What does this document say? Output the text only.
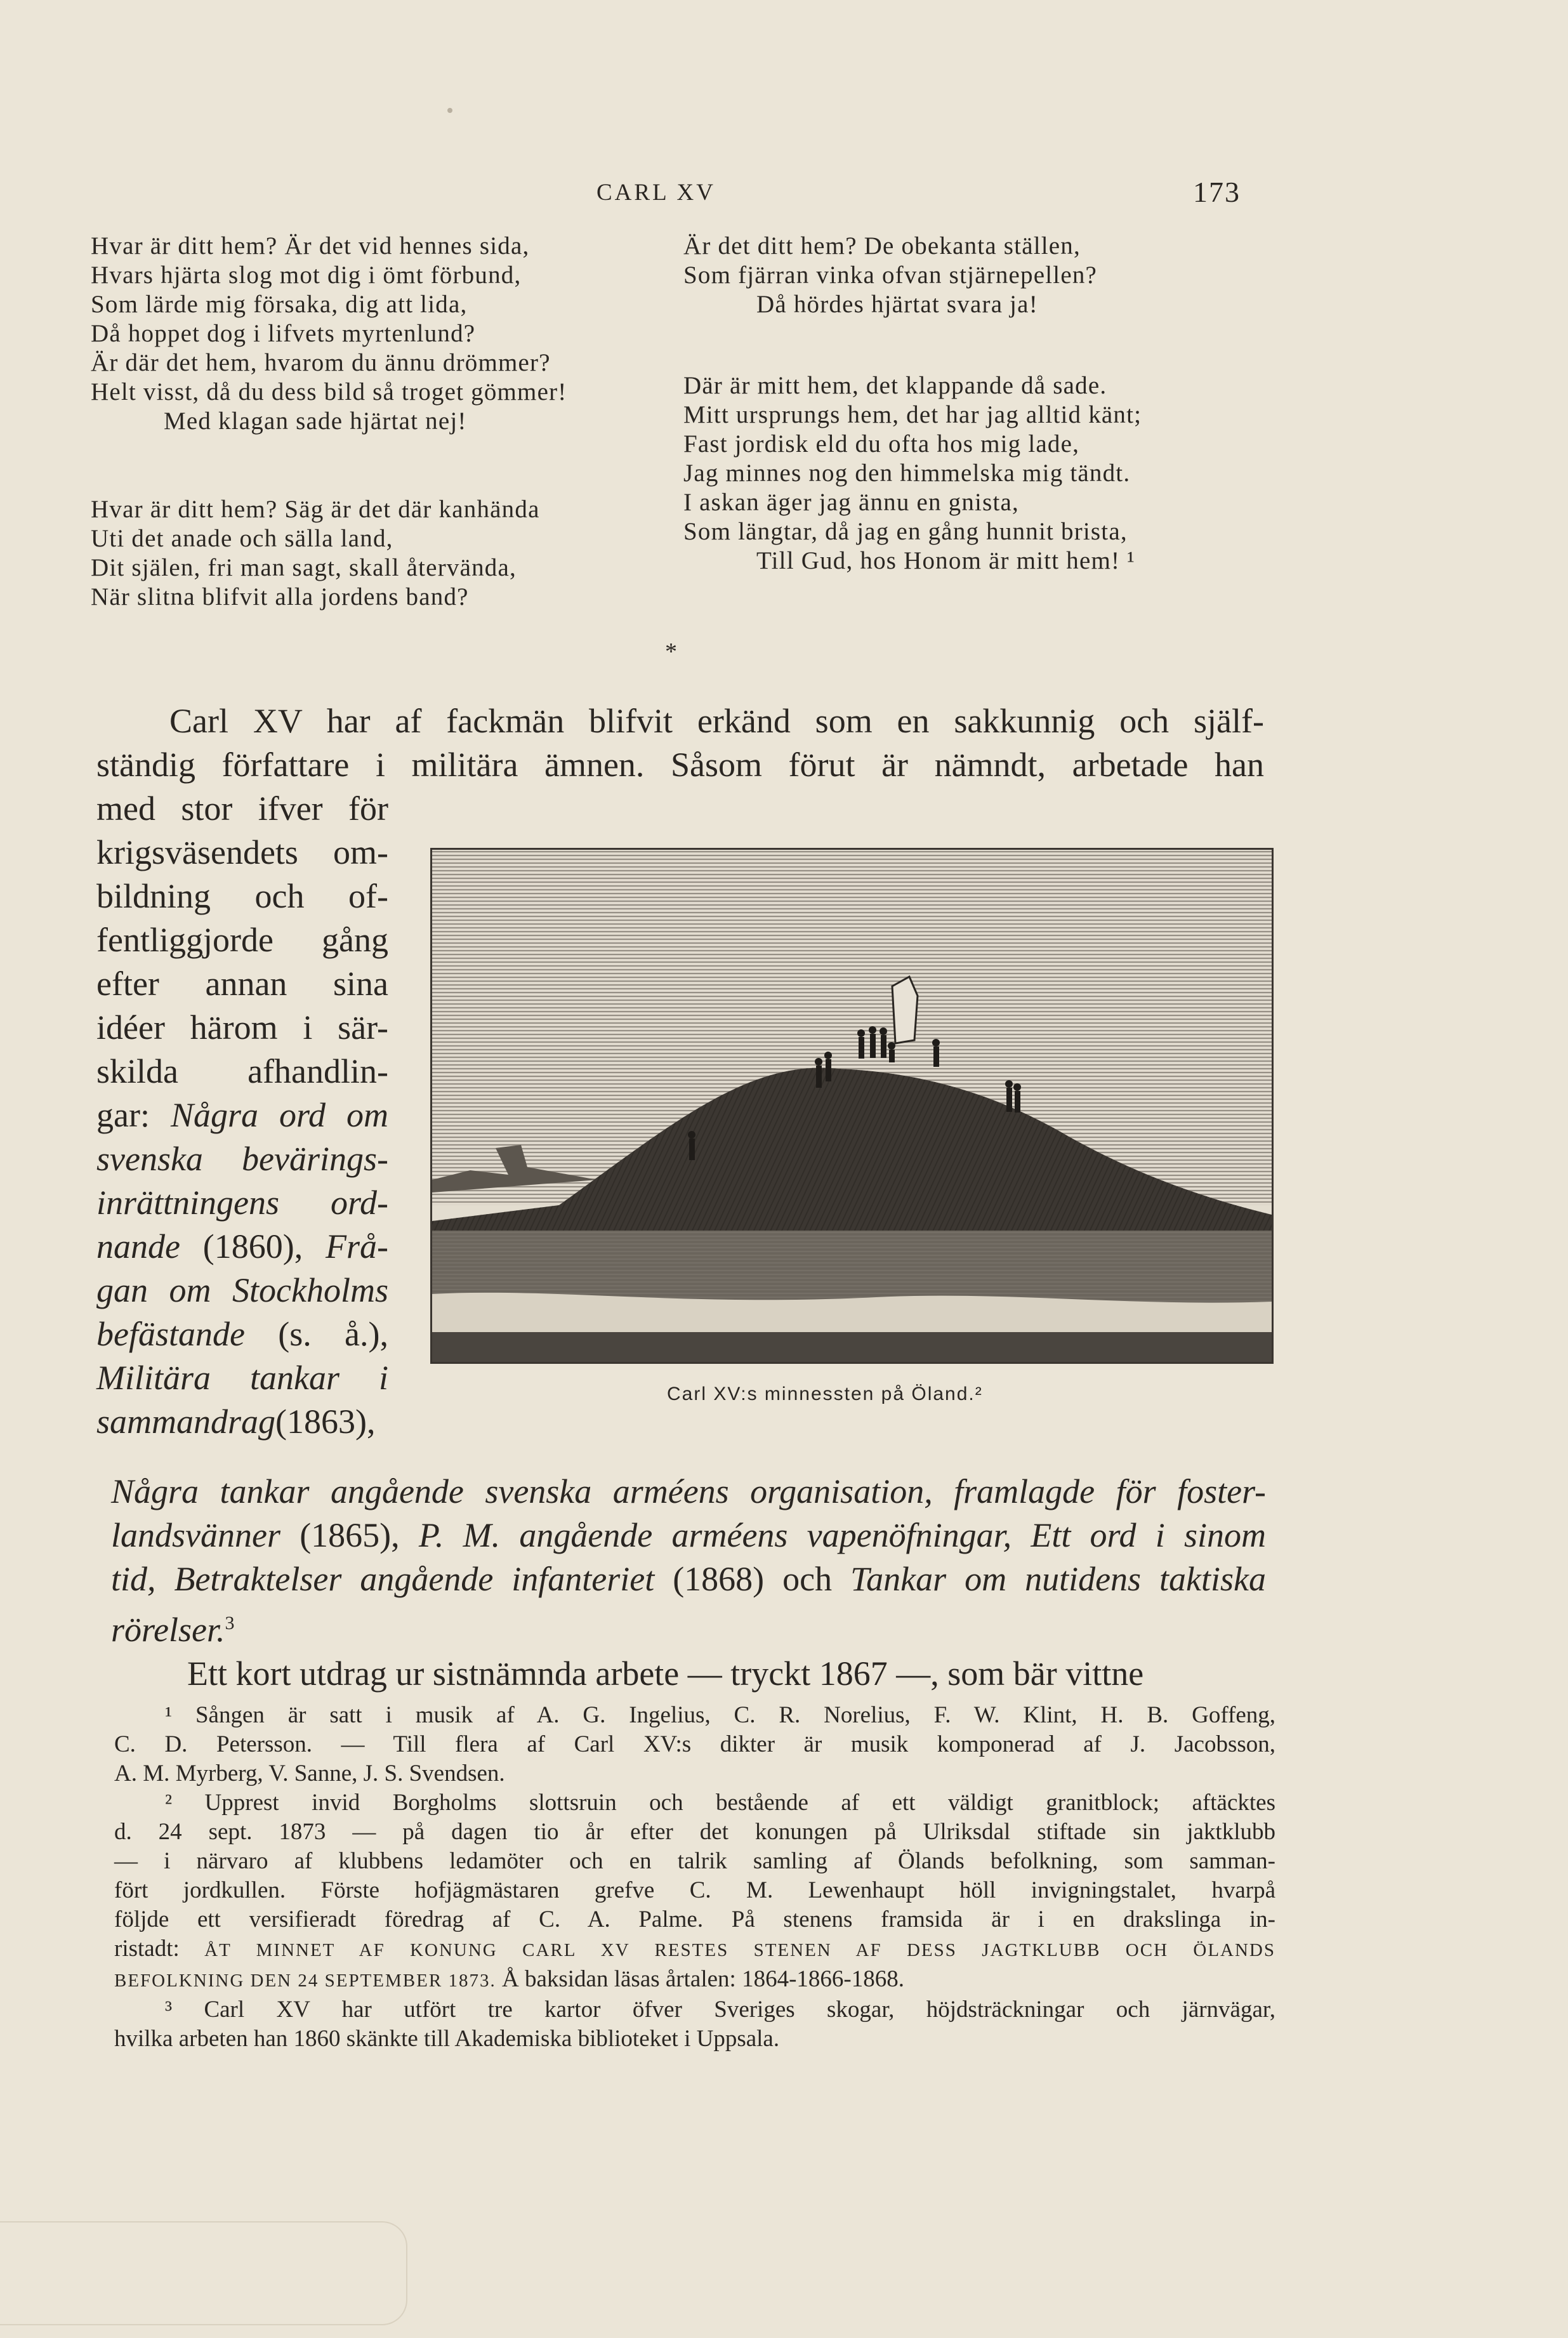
CARL XV	173

Hvar är ditt hem? Är det vid hennes sida,

Hvars hjärta slog mot dig i ömt förbund,

Som lärde mig försaka, dig att lida,

Då hoppet dog i lifvets myrtenlund?

Är där det hem, hvarom du ännu drömmer?

Helt visst, då du dess bild så troget gömmer!

Med klagan sade hjärtat nej!

Hvar är ditt hem? Säg är det där kanhända

Uti det anade och sälla land,

Dit själen, fri man sagt, skall återvända,

När slitna blifvit alla jordens band?

Är det ditt hem? De obekanta ställen,

Som fjärran vinka ofvan stjärnepellen?

Då hördes hjärtat svara ja!

Där är mitt hem, det klappande då sade.

Mitt ursprungs hem, det har jag alltid känt;

Fast jordisk eld du ofta hos mig lade,

Jag minnes nog den himmelska mig tändt.

I askan äger jag ännu en gnista,

Som längtar, då jag en gång hunnit brista,

Till Gud, hos Honom är mitt hem! ¹

*

Carl XV har af fackmän blifvit erkänd som en sakkunnig och själf-

ständig författare i militära ämnen. Såsom förut är nämndt, arbetade han

med stor ifver för

krigsväsendets om-

bildning och of-

fentliggjorde gång

efter annan sina

idéer härom i sär-

skilda afhandlin-

gar: Några ord om

svenska bevärings-

inrättningens ord-

nande (1860), Frå-

gan om Stockholms

befästande (s. å.),

Militära tankar i

sammandrag(1863),

Några tankar angående svenska arméens organisation, framlagde för foster-

landsvänner (1865), P. M. angående arméens vapenöfningar, Ett ord i sinom

tid, Betraktelser angående infanteriet (1868) och Tankar om nutidens taktiska

rörelser.$^3$

Ett kort utdrag ur sistnämnda arbete — tryckt 1867 —, som bär vittne

Carl XV:s minnessten på Öland.²

¹ Sången är satt i musik af A. G. Ingelius, C. R. Norelius, F. W. Klint, H. B. Goffeng,

C. D. Petersson. — Till flera af Carl XV:s dikter är musik komponerad af J. Jacobsson,

A. M. Myrberg, V. Sanne, J. S. Svendsen.

² Upprest invid Borgholms slottsruin och bestående af ett väldigt granitblock; aftäcktes

d. 24 sept. 1873 — på dagen tio år efter det konungen på Ulriksdal stiftade sin jaktklubb

— i närvaro af klubbens ledamöter och en talrik samling af Ölands befolkning, som samman-

fört jordkullen. Förste hofjägmästaren grefve C. M. Lewenhaupt höll invigningstalet, hvarpå

följde ett versifieradt föredrag af C. A. Palme. På stenens framsida är i en drakslinga in-

ristadt: ÅT MINNET AF KONUNG CARL XV RESTES STENEN AF DESS JAGTKLUBB OCH ÖLANDS

BEFOLKNING DEN 24 SEPTEMBER 1873. Å baksidan läsas årtalen: 1864-1866-1868.

³ Carl XV har utfört tre kartor öfver Sveriges skogar, höjdsträckningar och järnvägar,

hvilka arbeten han 1860 skänkte till Akademiska biblioteket i Uppsala.
